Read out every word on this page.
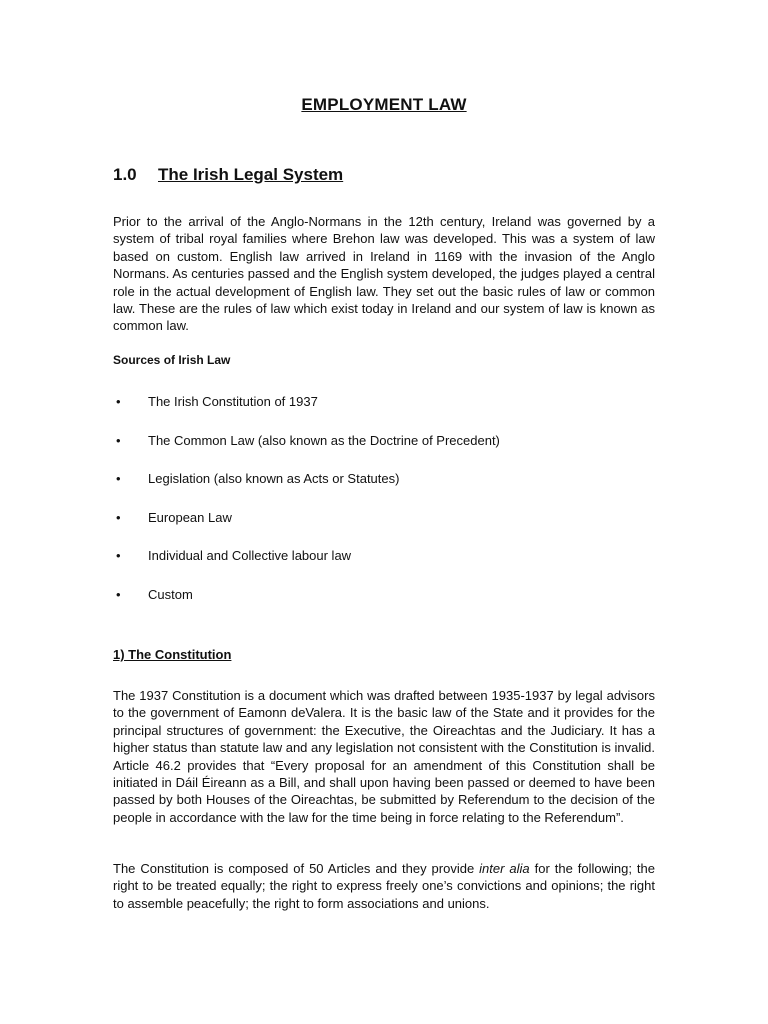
EMPLOYMENT LAW
1.0 The Irish Legal System

Prior to the arrival of the Anglo-Normans in the 12th century, Ireland was governed by a system of tribal royal families where Brehon law was developed. This was a system of law based on custom. English law arrived in Ireland in 1169 with the invasion of the Anglo Normans. As centuries passed and the English system developed, the judges played a central role in the actual development of English law. They set out the basic rules of law or common law. These are the rules of law which exist today in Ireland and our system of law is known as common law.

Sources of Irish Law
• The Irish Constitution of 1937
• The Common Law (also known as the Doctrine of Precedent)
• Legislation (also known as Acts or Statutes)
• European Law
• Individual and Collective labour law
• Custom
1) The Constitution

The 1937 Constitution is a document which was drafted between 1935-1937 by legal advisors to the government of Eamonn deValera. It is the basic law of the State and it provides for the principal structures of government: the Executive, the Oireachtas and the Judiciary. It has a higher status than statute law and any legislation not consistent with the Constitution is invalid. Article 46.2 provides that “Every proposal for an amendment of this Constitution shall be initiated in Dáil Éireann as a Bill, and shall upon having been passed or deemed to have been passed by both Houses of the Oireachtas, be submitted by Referendum to the decision of the people in accordance with the law for the time being in force relating to the Referendum”.

The Constitution is composed of 50 Articles and they provide inter alia for the following; the right to be treated equally; the right to express freely one’s convictions and opinions; the right to assemble peacefully; the right to form associations and unions.
